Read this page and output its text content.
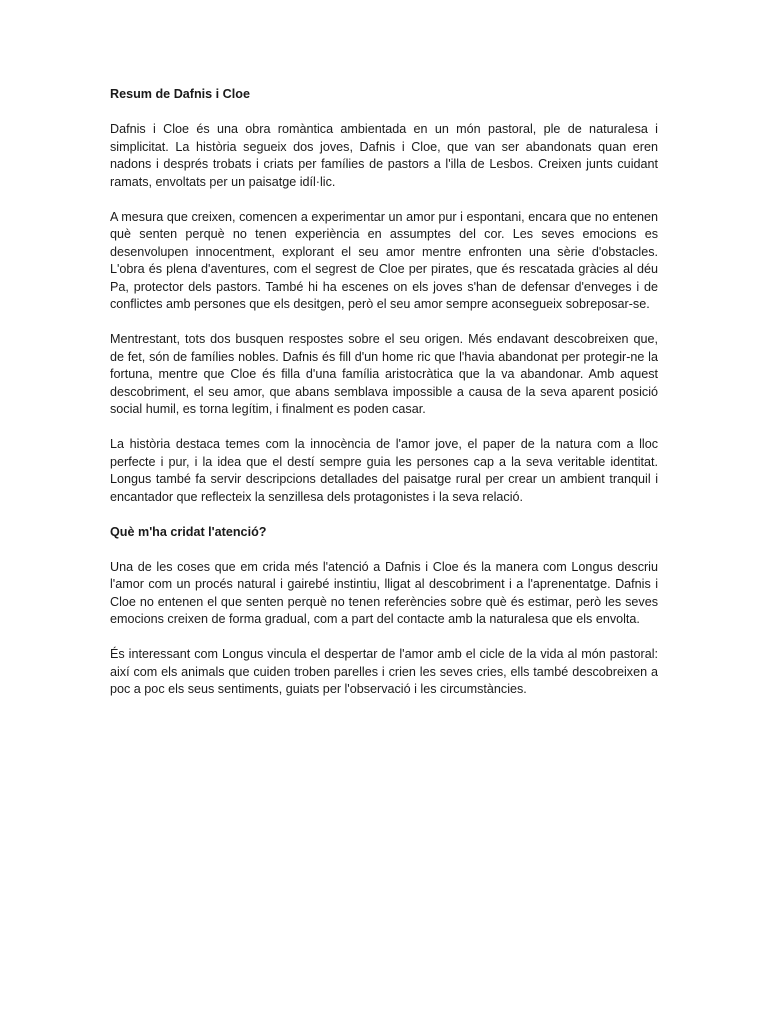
Resum de Dafnis i Cloe
Dafnis i Cloe és una obra romàntica ambientada en un món pastoral, ple de naturalesa i simplicitat. La història segueix dos joves, Dafnis i Cloe, que van ser abandonats quan eren nadons i després trobats i criats per famílies de pastors a l'illa de Lesbos. Creixen junts cuidant ramats, envoltats per un paisatge idíl·lic.
A mesura que creixen, comencen a experimentar un amor pur i espontani, encara que no entenen què senten perquè no tenen experiència en assumptes del cor. Les seves emocions es desenvolupen innocentment, explorant el seu amor mentre enfronten una sèrie d'obstacles. L'obra és plena d'aventures, com el segrest de Cloe per pirates, que és rescatada gràcies al déu Pa, protector dels pastors. També hi ha escenes on els joves s'han de defensar d'enveges i de conflictes amb persones que els desitgen, però el seu amor sempre aconsegueix sobreposar-se.
Mentrestant, tots dos busquen respostes sobre el seu origen. Més endavant descobreixen que, de fet, són de famílies nobles. Dafnis és fill d'un home ric que l'havia abandonat per protegir-ne la fortuna, mentre que Cloe és filla d'una família aristocràtica que la va abandonar. Amb aquest descobriment, el seu amor, que abans semblava impossible a causa de la seva aparent posició social humil, es torna legítim, i finalment es poden casar.
La història destaca temes com la innocència de l'amor jove, el paper de la natura com a lloc perfecte i pur, i la idea que el destí sempre guia les persones cap a la seva veritable identitat. Longus també fa servir descripcions detallades del paisatge rural per crear un ambient tranquil i encantador que reflecteix la senzillesa dels protagonistes i la seva relació.
Què m'ha cridat l'atenció?
Una de les coses que em crida més l'atenció a Dafnis i Cloe és la manera com Longus descriu l'amor com un procés natural i gairebé instintiu, lligat al descobriment i a l'aprenentatge. Dafnis i Cloe no entenen el que senten perquè no tenen referències sobre què és estimar, però les seves emocions creixen de forma gradual, com a part del contacte amb la naturalesa que els envolta.
És interessant com Longus vincula el despertar de l'amor amb el cicle de la vida al món pastoral: així com els animals que cuiden troben parelles i crien les seves cries, ells també descobreixen a poc a poc els seus sentiments, guiats per l'observació i les circumstàncies.
